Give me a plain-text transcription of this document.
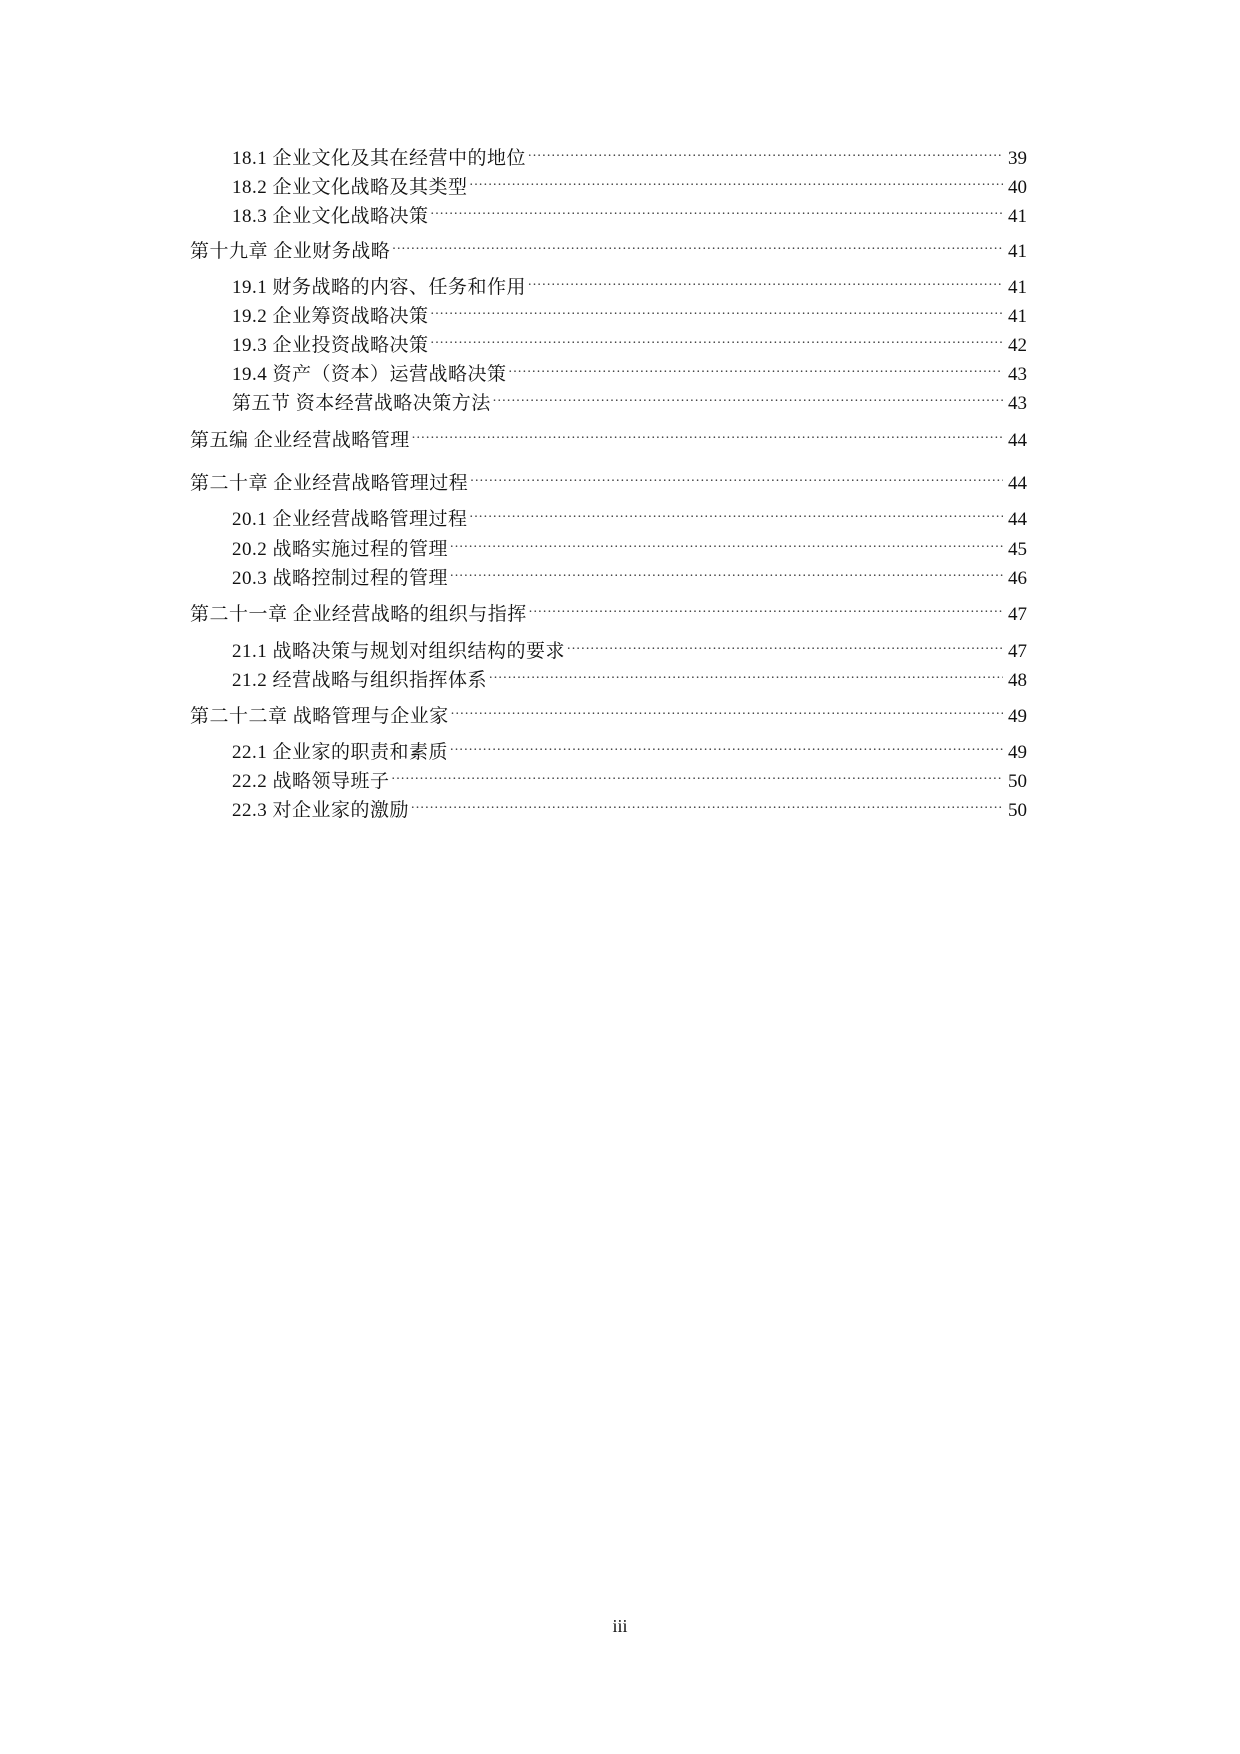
18.1 企业文化及其在经营中的地位 .....	39
18.2 企业文化战略及其类型 .....	40
18.3 企业文化战略决策 .....	41
第十九章 企业财务战略 .....	41
19.1 财务战略的内容、任务和作用 .....	41
19.2 企业筹资战略决策 .....	41
19.3 企业投资战略决策 .....	42
19.4 资产（资本）运营战略决策 .....	43
第五节 资本经营战略决策方法 .....	43
第五编 企业经营战略管理 .....	44
第二十章 企业经营战略管理过程 .....	44
20.1 企业经营战略管理过程 .....	44
20.2 战略实施过程的管理 .....	45
20.3 战略控制过程的管理 .....	46
第二十一章 企业经营战略的组织与指挥 .....	47
21.1 战略决策与规划对组织结构的要求 .....	47
21.2 经营战略与组织指挥体系 .....	48
第二十二章 战略管理与企业家 .....	49
22.1 企业家的职责和素质 .....	49
22.2 战略领导班子 .....	50
22.3 对企业家的激励 .....	50
iii
